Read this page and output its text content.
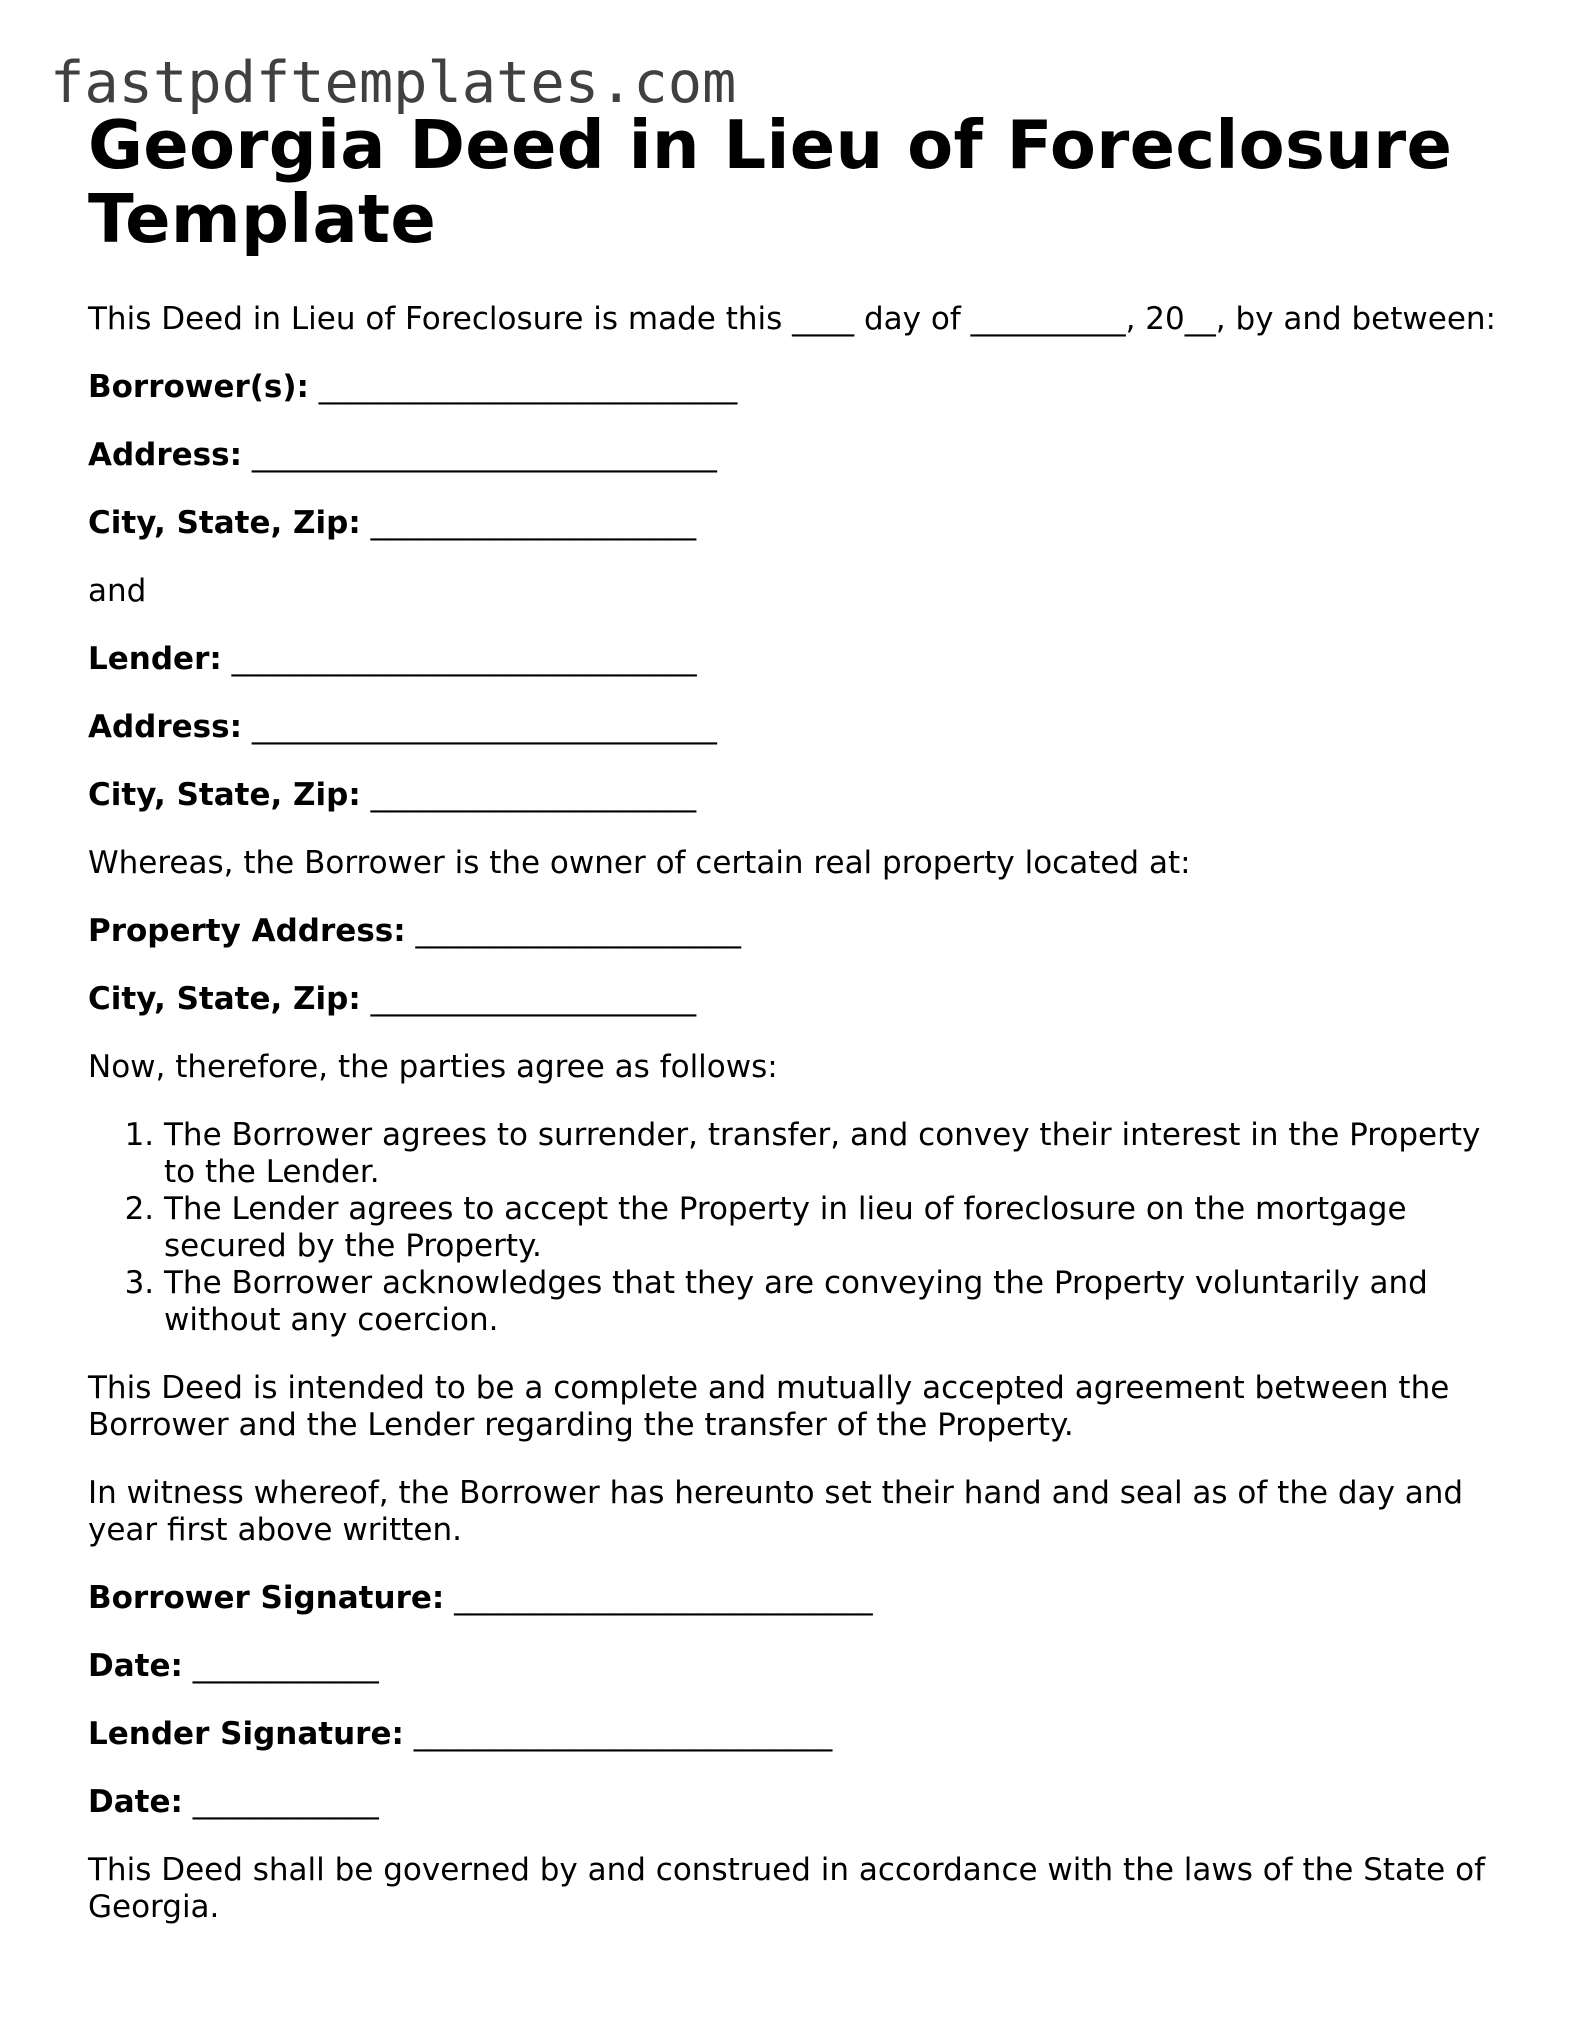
fastpdftemplates.com
Georgia Deed in Lieu of Foreclosure Template

This Deed in Lieu of Foreclosure is made this ____ day of __________, 20__, by and between:

Borrower(s): ___________________________

Address: ______________________________

City, State, Zip: _____________________

and

Lender: ______________________________

Address: ______________________________

City, State, Zip: _____________________

Whereas, the Borrower is the owner of certain real property located at:

Property Address: _____________________

City, State, Zip: _____________________

Now, therefore, the parties agree as follows:

1. The Borrower agrees to surrender, transfer, and convey their interest in the Property to the Lender.
2. The Lender agrees to accept the Property in lieu of foreclosure on the mortgage secured by the Property.
3. The Borrower acknowledges that they are conveying the Property voluntarily and without any coercion.

This Deed is intended to be a complete and mutually accepted agreement between the Borrower and the Lender regarding the transfer of the Property.

In witness whereof, the Borrower has hereunto set their hand and seal as of the day and year first above written.

Borrower Signature: ___________________________

Date: ____________

Lender Signature: ___________________________

Date: ____________

This Deed shall be governed by and construed in accordance with the laws of the State of Georgia.
